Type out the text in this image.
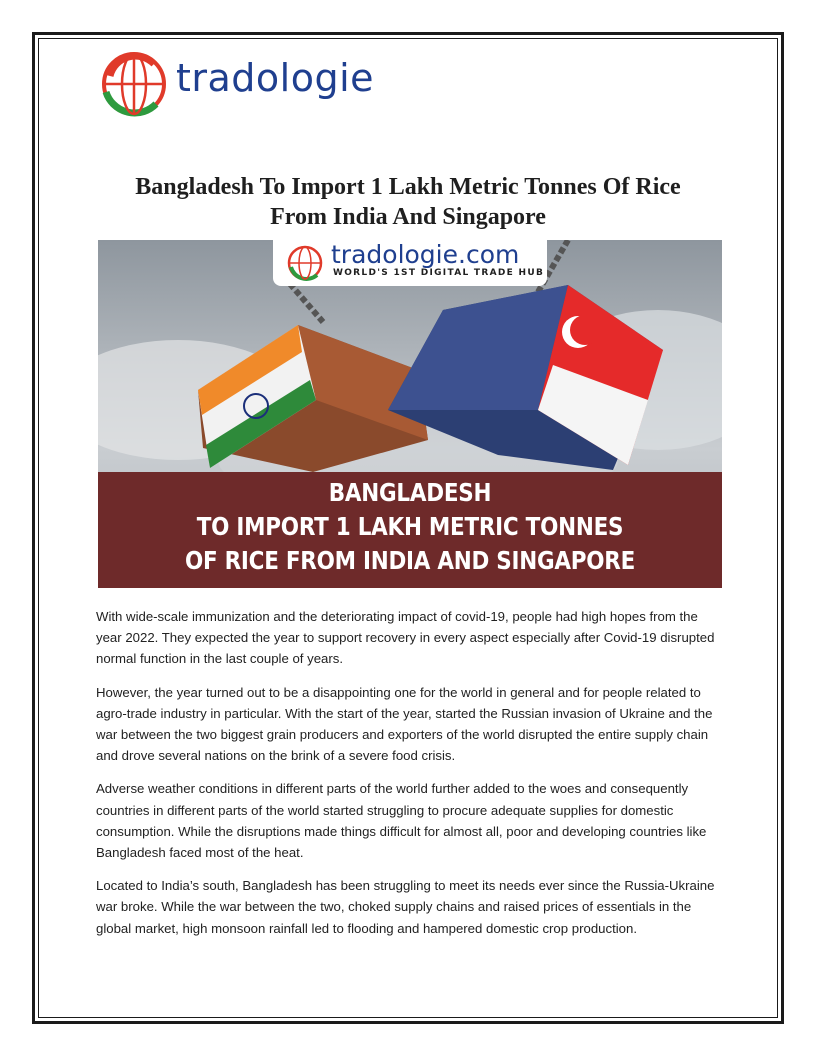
tradologie
Bangladesh To Import 1 Lakh Metric Tonnes Of Rice
From India And Singapore
tradologie.com
WORLD'S 1ST DIGITAL TRADE HUB
BANGLADESH
TO IMPORT 1 LAKH METRIC TONNES
OF RICE FROM INDIA AND SINGAPORE

With wide-scale immunization and the deteriorating impact of covid-19, people had high hopes from the year 2022. They expected the year to support recovery in every aspect especially after Covid-19 disrupted normal function in the last couple of years.

However, the year turned out to be a disappointing one for the world in general and for people related to agro-trade industry in particular. With the start of the year, started the Russian invasion of Ukraine and the war between the two biggest grain producers and exporters of the world disrupted the entire supply chain and drove several nations on the brink of a severe food crisis.

Adverse weather conditions in different parts of the world further added to the woes and consequently countries in different parts of the world started struggling to procure adequate supplies for domestic consumption. While the disruptions made things difficult for almost all, poor and developing countries like Bangladesh faced most of the heat.

Located to India’s south, Bangladesh has been struggling to meet its needs ever since the Russia-Ukraine war broke. While the war between the two, choked supply chains and raised prices of essentials in the global market, high monsoon rainfall led to flooding and hampered domestic crop production.
